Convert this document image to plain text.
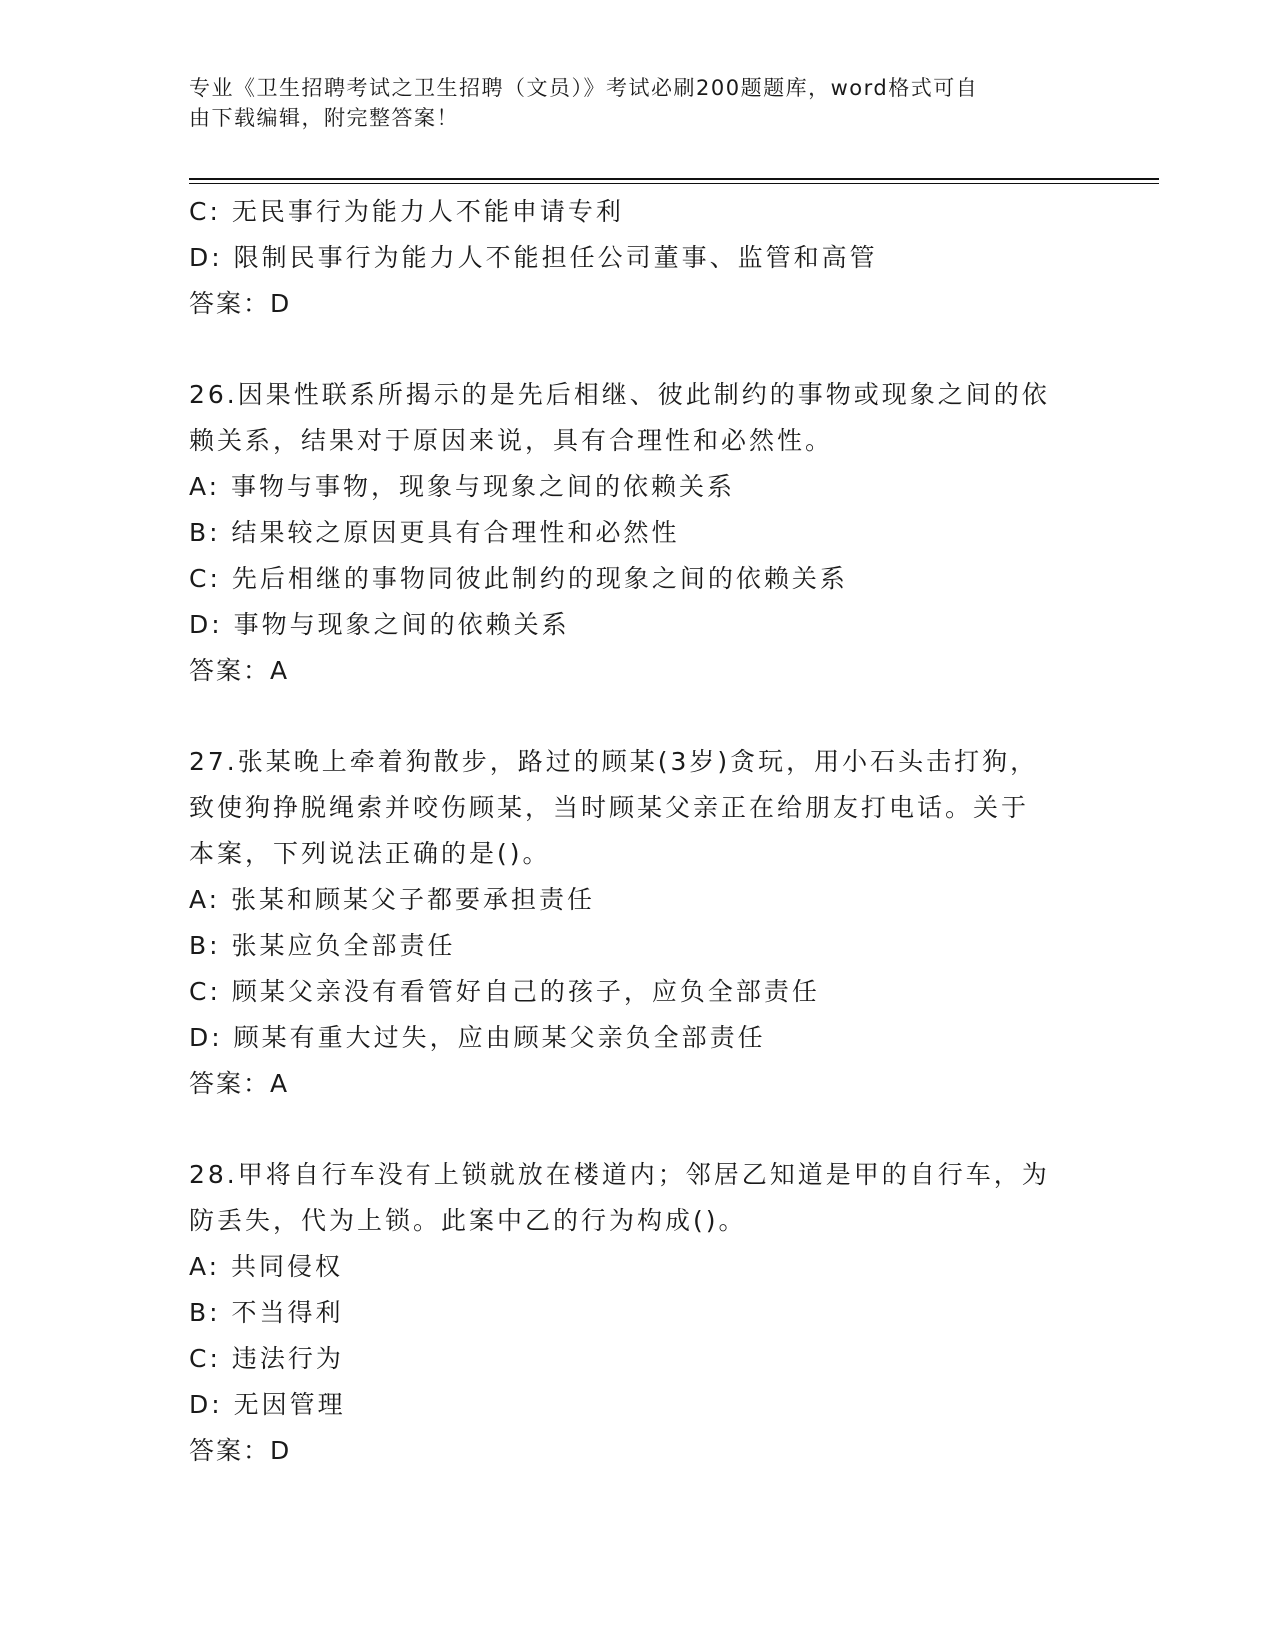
专业《卫生招聘考试之卫生招聘（文员）》考试必刷200题题库，word格式可自
由下载编辑，附完整答案！
C: 无民事行为能力人不能申请专利
D: 限制民事行为能力人不能担任公司董事、监管和高管
答案：D
26.因果性联系所揭示的是先后相继、彼此制约的事物或现象之间的依
赖关系，结果对于原因来说，具有合理性和必然性。
A: 事物与事物，现象与现象之间的依赖关系
B: 结果较之原因更具有合理性和必然性
C: 先后相继的事物同彼此制约的现象之间的依赖关系
D: 事物与现象之间的依赖关系
答案：A
27.张某晚上牵着狗散步，路过的顾某(3岁)贪玩，用小石头击打狗，
致使狗挣脱绳索并咬伤顾某，当时顾某父亲正在给朋友打电话。关于
本案，下列说法正确的是()。
A: 张某和顾某父子都要承担责任
B: 张某应负全部责任
C: 顾某父亲没有看管好自己的孩子，应负全部责任
D: 顾某有重大过失，应由顾某父亲负全部责任
答案：A
28.甲将自行车没有上锁就放在楼道内；邻居乙知道是甲的自行车，为
防丢失，代为上锁。此案中乙的行为构成()。
A: 共同侵权
B: 不当得利
C: 违法行为
D: 无因管理
答案：D
